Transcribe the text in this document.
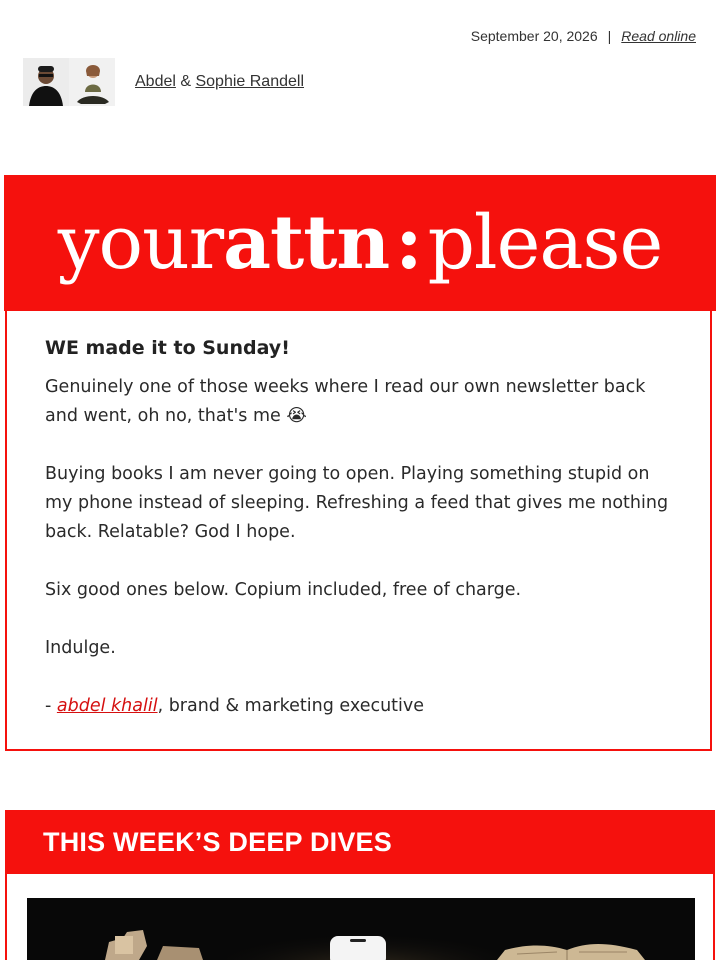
September 20, 2026 | Read online
Abdel & Sophie Randell
yourattn:please
WE made it to Sunday!

Genuinely one of those weeks where I read our own newsletter back and went, oh no, that's me 😭

Buying books I am never going to open. Playing something stupid on my phone instead of sleeping. Refreshing a feed that gives me nothing back. Relatable? God I hope.

Six good ones below. Copium included, free of charge.

Indulge.

- abdel khalil, brand & marketing executive

THIS WEEK’S DEEP DIVES
